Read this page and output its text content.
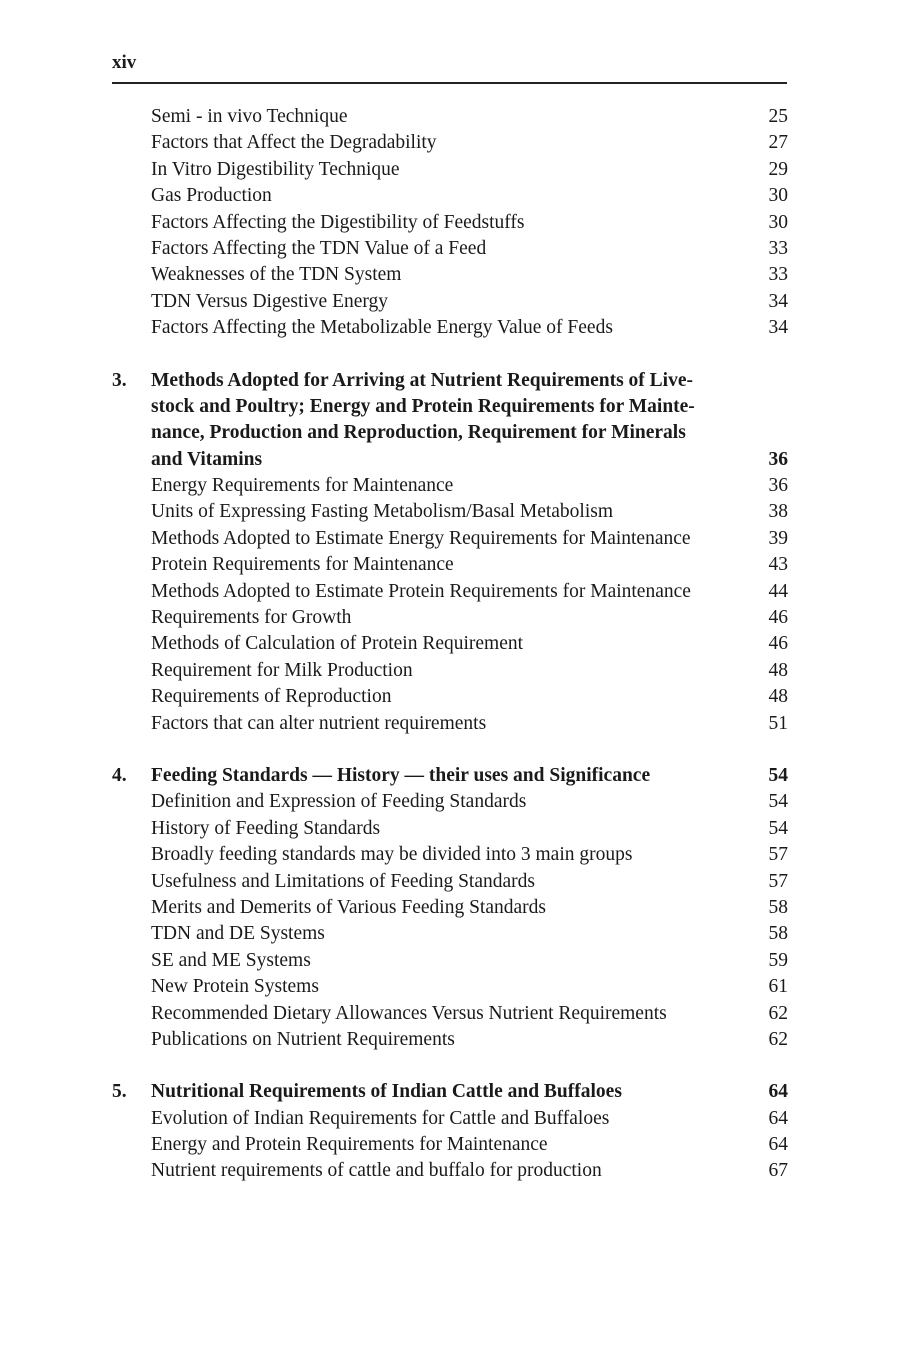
xiv
Semi - in vivo Technique	25
Factors that Affect the Degradability	27
In Vitro Digestibility Technique	29
Gas Production	30
Factors Affecting the Digestibility of Feedstuffs	30
Factors Affecting the TDN Value of a Feed	33
Weaknesses of the TDN System	33
TDN Versus Digestive Energy	34
Factors Affecting the Metabolizable Energy Value of Feeds	34
3. Methods Adopted for Arriving at Nutrient Requirements of Live-
stock and Poultry; Energy and Protein Requirements for Mainte-
nance, Production and Reproduction, Requirement for Minerals
and Vitamins	36
Energy Requirements for Maintenance	36
Units of Expressing Fasting Metabolism/Basal Metabolism	38
Methods Adopted to Estimate Energy Requirements for Maintenance	39
Protein Requirements for Maintenance	43
Methods Adopted to Estimate Protein Requirements for Maintenance	44
Requirements for Growth	46
Methods of Calculation of Protein Requirement	46
Requirement for Milk Production	48
Requirements of Reproduction	48
Factors that can alter nutrient requirements	51
4. Feeding Standards — History — their uses and Significance	54
Definition and Expression of Feeding Standards	54
History of Feeding Standards	54
Broadly feeding standards may be divided into 3 main groups	57
Usefulness and Limitations of Feeding Standards	57
Merits and Demerits of Various Feeding Standards	58
TDN and DE Systems	58
SE and ME Systems	59
New Protein Systems	61
Recommended Dietary Allowances Versus Nutrient Requirements	62
Publications on Nutrient Requirements	62
5. Nutritional Requirements of Indian Cattle and Buffaloes	64
Evolution of Indian Requirements for Cattle and Buffaloes	64
Energy and Protein Requirements for Maintenance	64
Nutrient requirements of cattle and buffalo for production	67
